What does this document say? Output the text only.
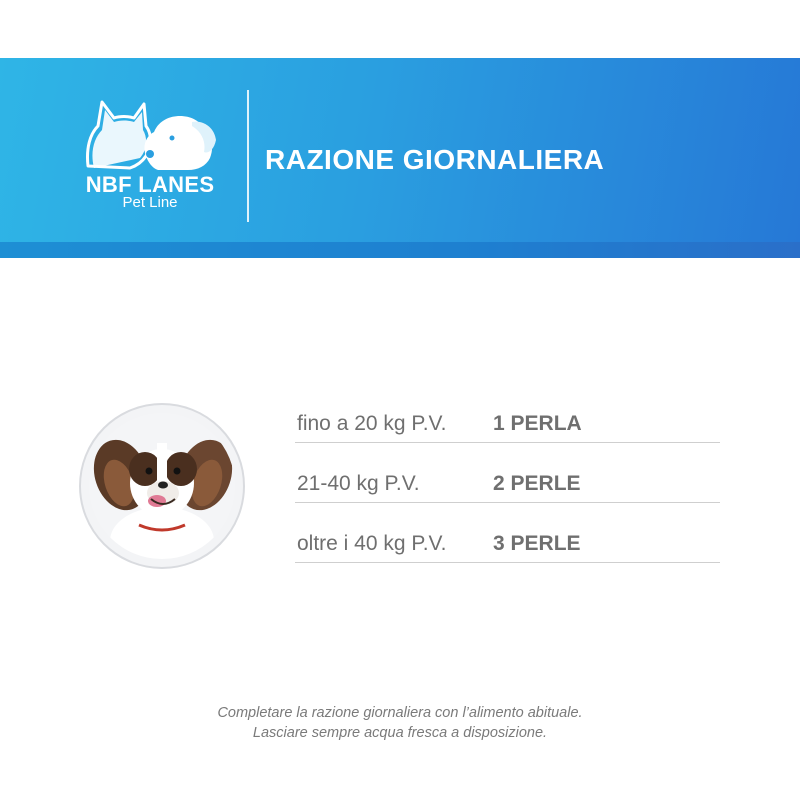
NBF LANES
Pet Line
RAZIONE GIORNALIERA
fino a 20 kg P.V. 1 PERLA
21-40 kg P.V.	2 PERLE
oltre i 40 kg P.V. 3 PERLE
Completare la razione giornaliera con l’alimento abituale.
Lasciare sempre acqua fresca a disposizione.
